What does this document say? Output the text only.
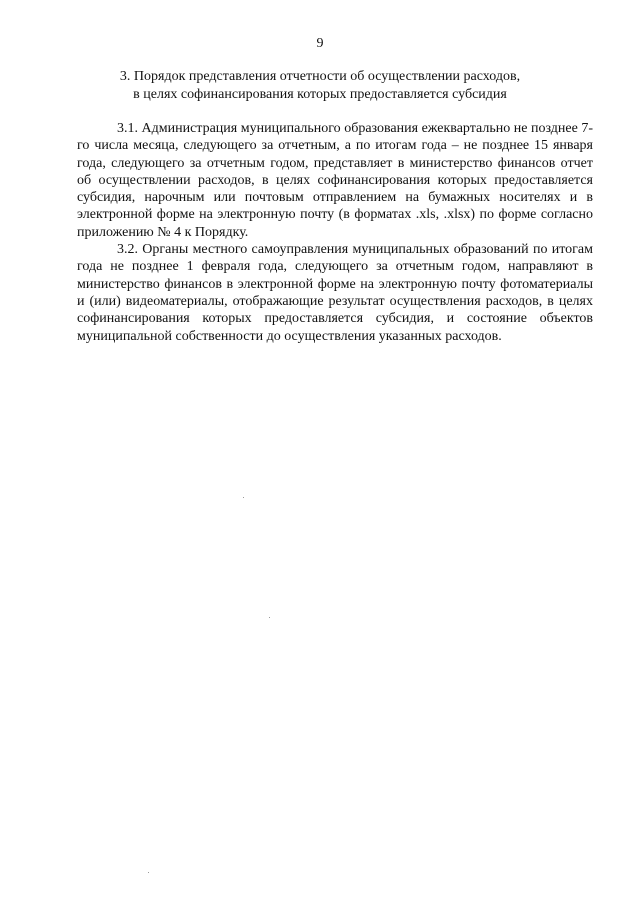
9
3. Порядок представления отчетности об осуществлении расходов,
в целях софинансирования которых предоставляется субсидия

3.1. Администрация муниципального образования ежеквартально не позднее 7-го числа месяца, следующего за отчетным, а по итогам года – не позднее 15 января года, следующего за отчетным годом, представляет в министерство финансов отчет об осуществлении расходов, в целях софинансирования которых предоставляется субсидия, нарочным или почтовым отправлением на бумажных носителях и в электронной форме на электронную почту (в форматах .xls, .xlsx) по форме согласно приложению № 4 к Порядку.

3.2. Органы местного самоуправления муниципальных образований по итогам года не позднее 1 февраля года, следующего за отчетным годом, направляют в министерство финансов в электронной форме на электронную почту фотоматериалы и (или) видеоматериалы, отображающие результат осуществления расходов, в целях софинансирования которых предоставляется субсидия, и состояние объектов муниципальной собственности до осуществления указанных расходов.
